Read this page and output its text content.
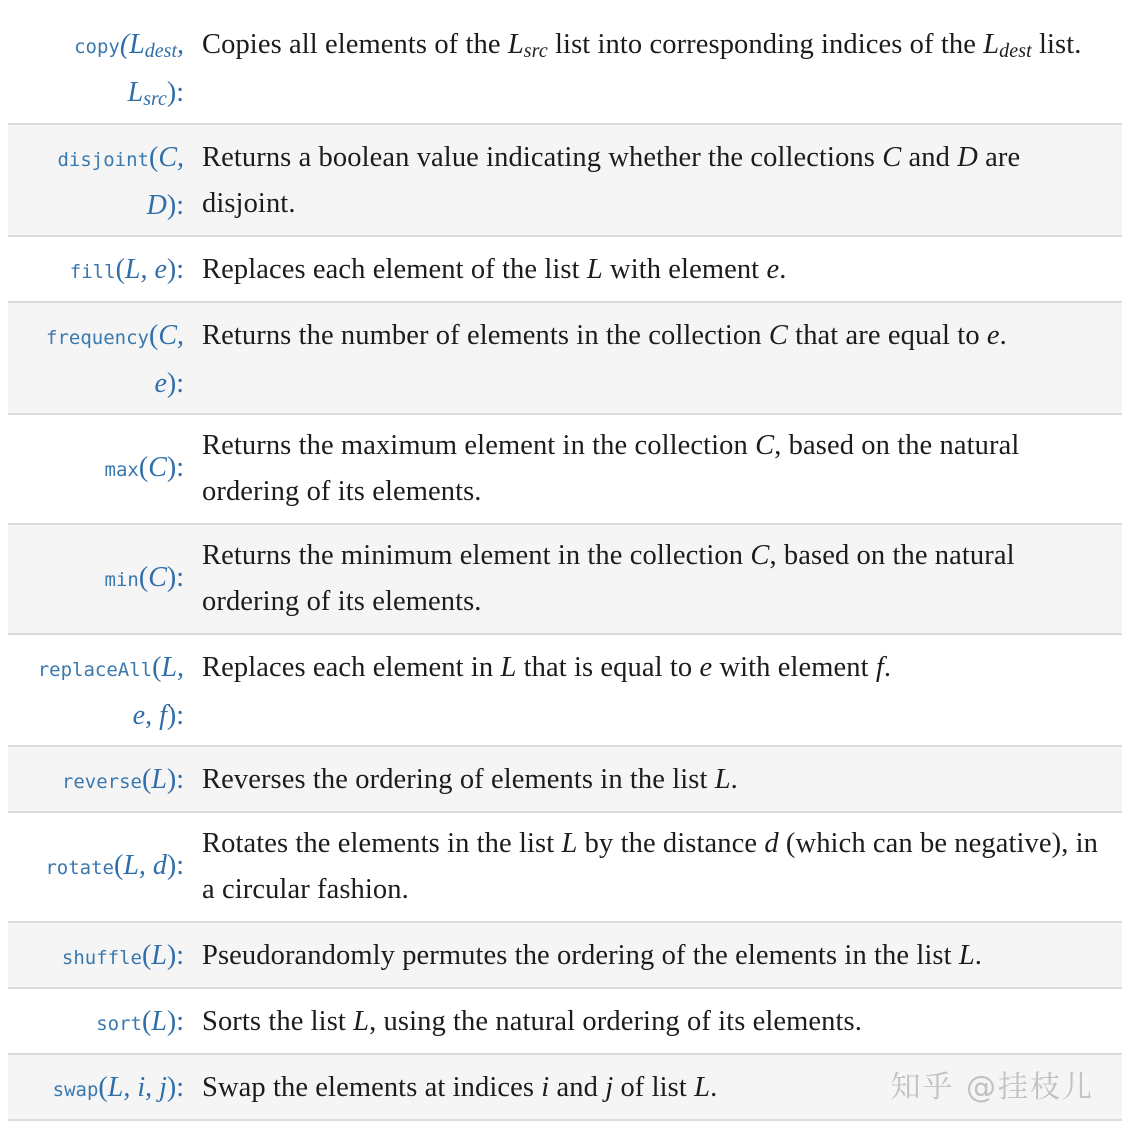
$copy(L_{dest}$,
$L_{src}$):
Copies all elements of the $L_{src}$ list into corresponding indices of the $L_{dest}$ list.
disjoint(C,
D):
Returns a boolean value indicating whether the collections C and D are disjoint.
fill(L, e): Replaces each element of the list L with element e.
frequency(C,
e):
Returns the number of elements in the collection C that are equal to e.
max(C):
Returns the maximum element in the collection C, based on the natural ordering of its elements.
min(C):
Returns the minimum element in the collection C, based on the natural ordering of its elements.
replaceAll(L,
e, f):
Replaces each element in L that is equal to e with element f.
reverse(L): Reverses the ordering of elements in the list L.
rotate(L, d):
Rotates the elements in the list L by the distance d (which can be negative), in a circular fashion.
shuffle(L): Pseudorandomly permutes the ordering of the elements in the list L.
sort(L): Sorts the list L, using the natural ordering of its elements.
swap(L, i, j): Swap the elements at indices i and j of list L.	知乎 @挂枝儿
